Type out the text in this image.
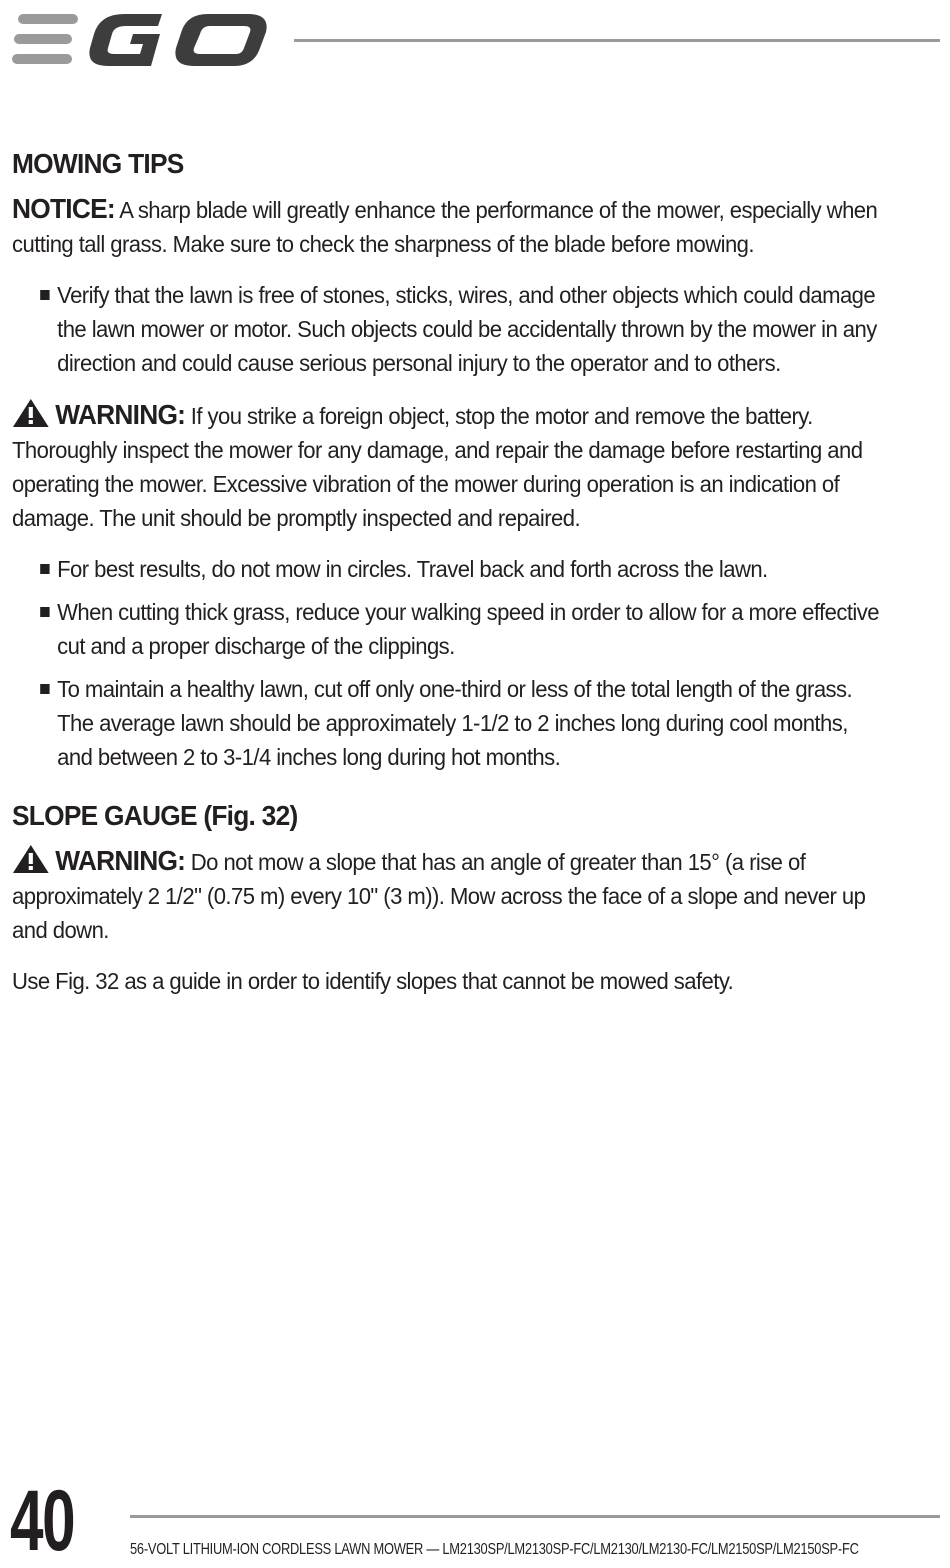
MOWING TIPS

NOTICE: A sharp blade will greatly enhance the performance of the mower, especially when cutting tall grass. Make sure to check the sharpness of the blade before mowing.

Verify that the lawn is free of stones, sticks, wires, and other objects which could damage the lawn mower or motor. Such objects could be accidentally thrown by the mower in any direction and could cause serious personal injury to the operator and to others.

WARNING: If you strike a foreign object, stop the motor and remove the battery. Thoroughly inspect the mower for any damage, and repair the damage before restarting and operating the mower. Excessive vibration of the mower during operation is an indication of damage. The unit should be promptly inspected and repaired.

For best results, do not mow in circles. Travel back and forth across the lawn.
When cutting thick grass, reduce your walking speed in order to allow for a more effective cut and a proper discharge of the clippings.
To maintain a healthy lawn, cut off only one-third or less of the total length of the grass. The average lawn should be approximately 1-1/2 to 2 inches long during cool months, and between 2 to 3-1/4 inches long during hot months.
SLOPE GAUGE (Fig. 32)

WARNING: Do not mow a slope that has an angle of greater than 15° (a rise of approximately 2 1/2" (0.75 m) every 10" (3 m)). Mow across the face of a slope and never up and down.

Use Fig. 32 as a guide in order to identify slopes that cannot be mowed safety.

40	56-VOLT LITHIUM-ION CORDLESS LAWN MOWER — LM2130SP/LM2130SP-FC/LM2130/LM2130-FC/LM2150SP/LM2150SP-FC
